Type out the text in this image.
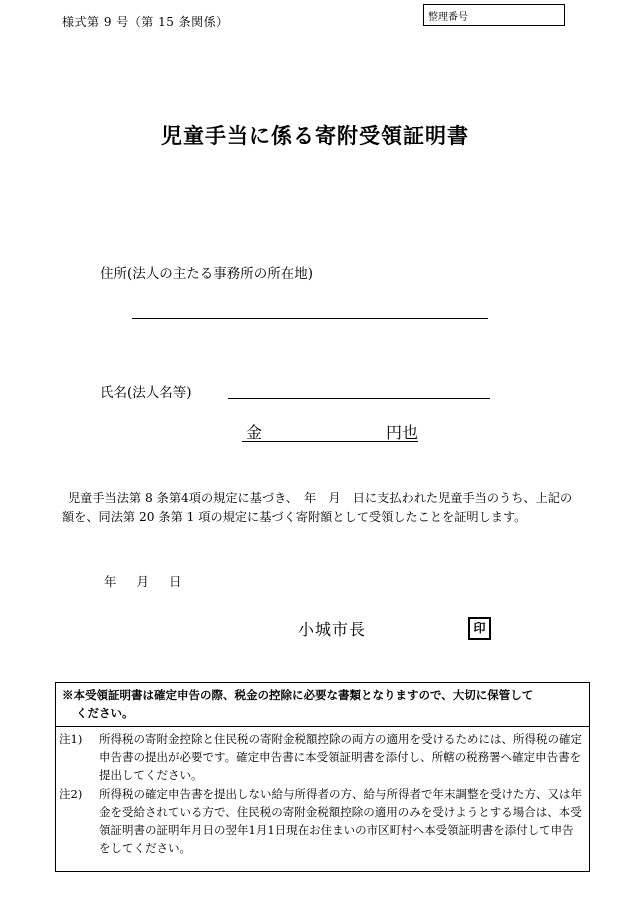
様式第 9 号（第 15 条関係）	整理番号
児童手当に係る寄附受領証明書
住所(法人の主たる事務所の所在地)
氏名(法人名等)
金	円也
児童手当法第 8 条第4項の規定に基づき、　年　月　日に支払われた児童手当のうち、上記の額を、同法第 20 条第 1 項の規定に基づく寄附額として受領したことを証明します。
年 月 日
小城市長	印
※本受領証明書は確定申告の際、税金の控除に必要な書類となりますので、大切に保管して
ください。
注1) 所得税の寄附金控除と住民税の寄附金税額控除の両方の適用を受けるためには、所得税の確定申告書の提出が必要です。確定申告書に本受領証明書を添付し、所轄の税務署へ確定申告書を提出してください。
注2) 所得税の確定申告書を提出しない給与所得者の方、給与所得者で年末調整を受けた方、又は年金を受給されている方で、住民税の寄附金税額控除の適用のみを受けようとする場合は、本受領証明書の証明年月日の翌年1月1日現在お住まいの市区町村へ本受領証明書を添付して申告をしてください。
